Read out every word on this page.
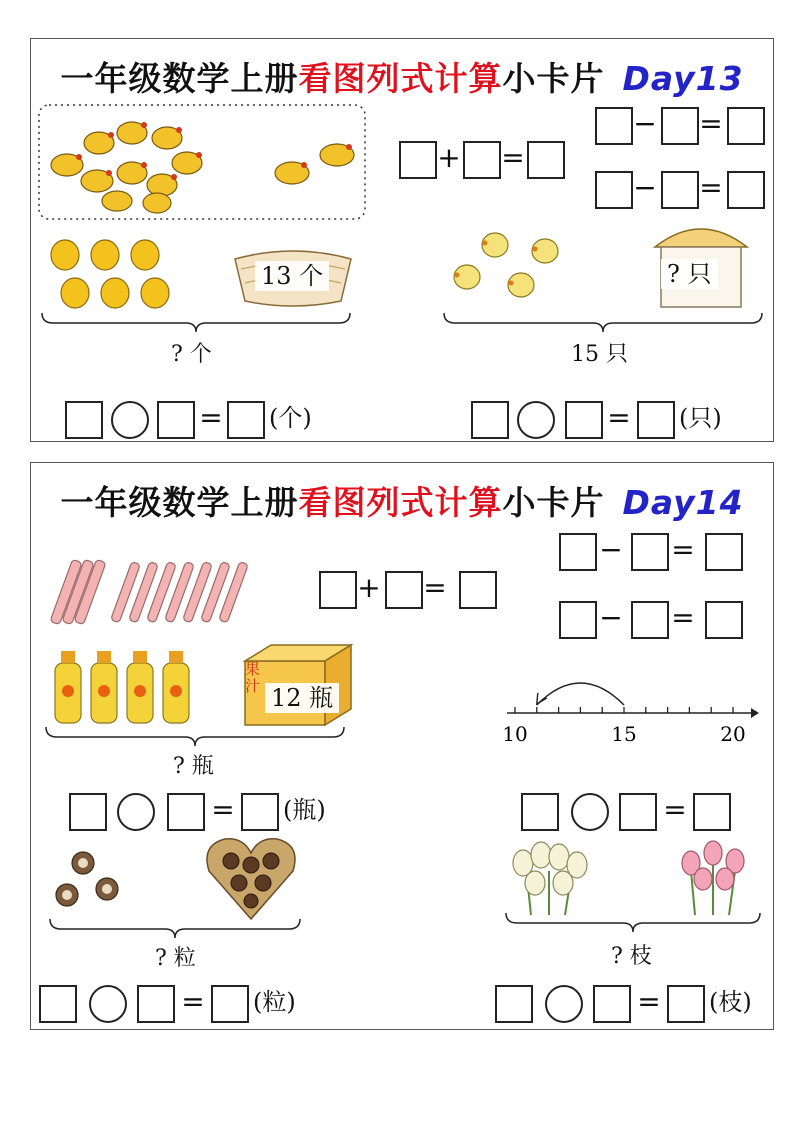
一年级数学上册看图列式计算小卡片 Day13
13 个
? 个
= (个)
+ =
− =
− =
? 只
15 只
= (只)
一年级数学上册看图列式计算小卡片 Day14
+ =
− =
− =
果汁 12 瓶
? 瓶
10	15	20
= (瓶)	=
? 粒	? 枝
= (粒)	= (枝)
